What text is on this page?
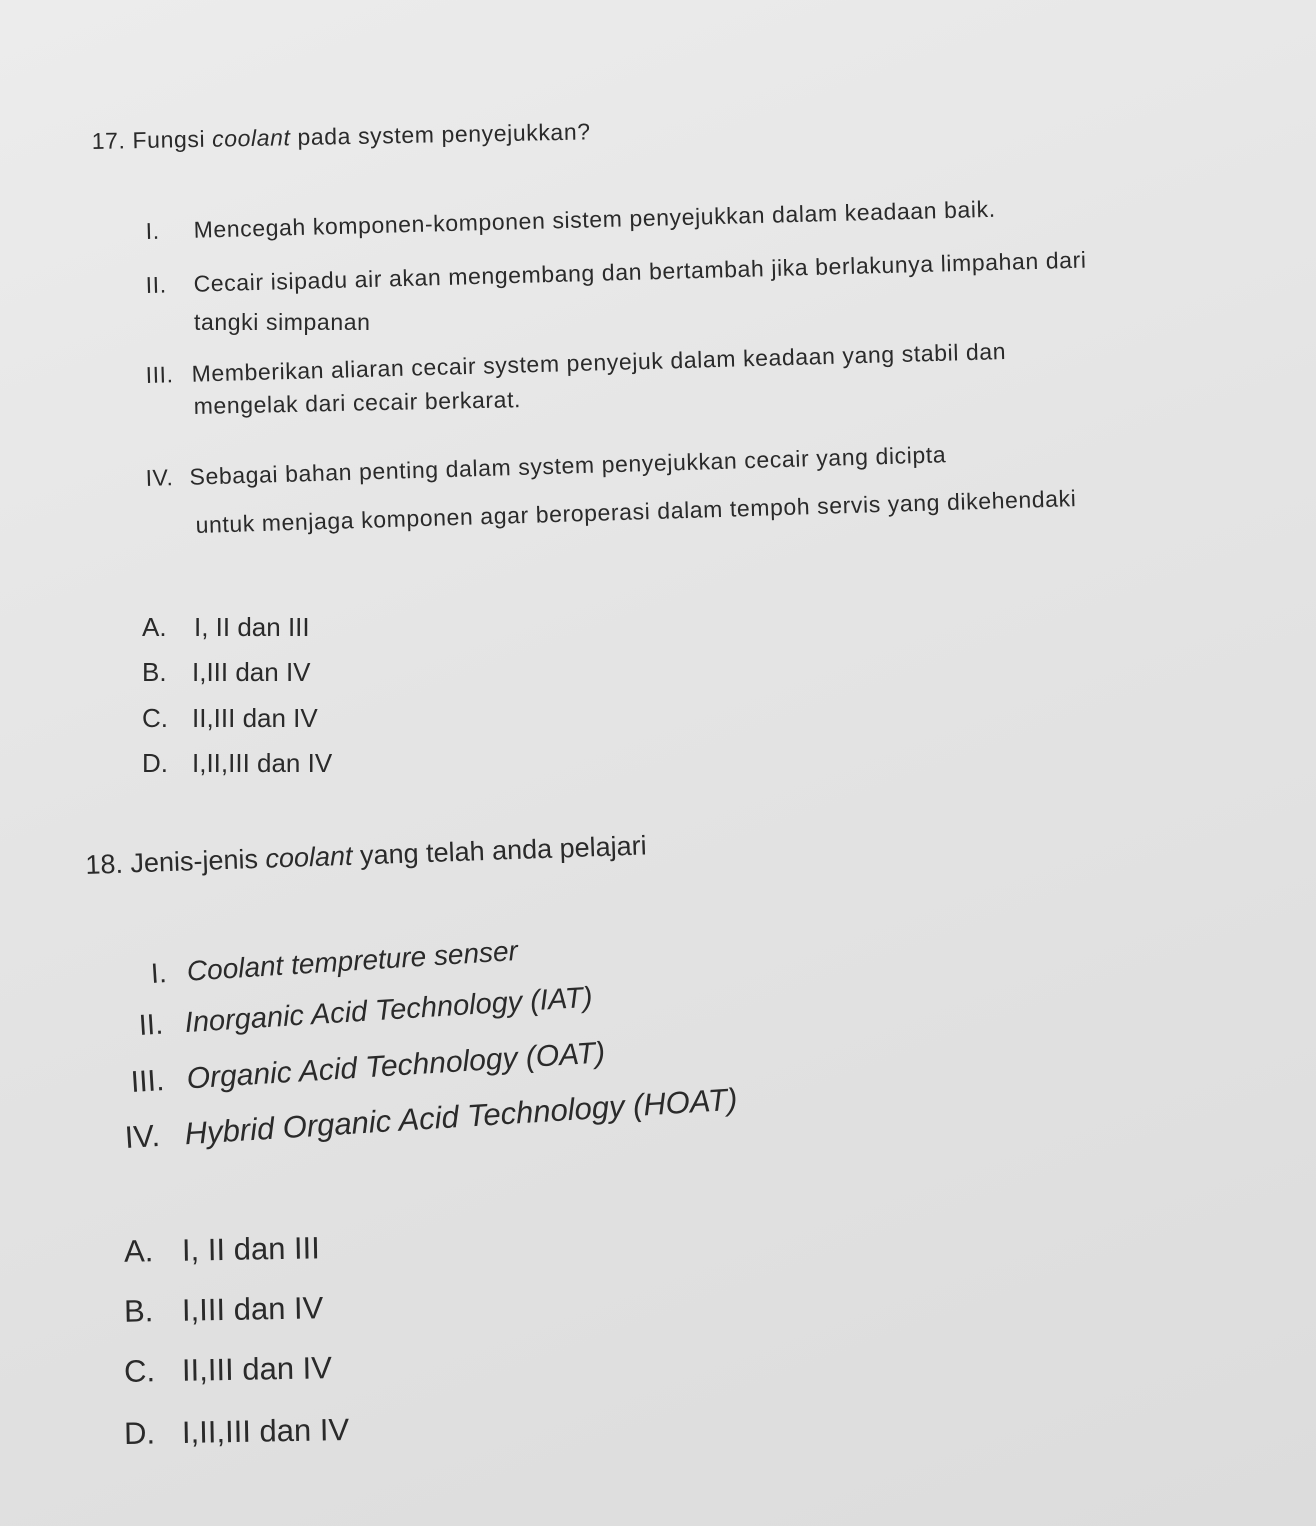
17. Fungsi coolant pada system penyejukkan?
I. Mencegah komponen-komponen sistem penyejukkan dalam keadaan baik.
II. Cecair isipadu air akan mengembang dan bertambah jika berlakunya limpahan dari
tangki simpanan
III. Memberikan aliaran cecair system penyejuk dalam keadaan yang stabil dan
mengelak dari cecair berkarat.
IV. Sebagai bahan penting dalam system penyejukkan cecair yang dicipta
untuk menjaga komponen agar beroperasi dalam tempoh servis yang dikehendaki
A. I, II dan III
B. I,III dan IV
C. II,III dan IV
D. I,II,III dan IV
18. Jenis-jenis coolant yang telah anda pelajari
I. Coolant tempreture senser
II. Inorganic Acid Technology (IAT)
III. Organic Acid Technology (OAT)
IV. Hybrid Organic Acid Technology (HOAT)
A. I, II dan III
B. I,III dan IV
C. II,III dan IV
D. I,II,III dan IV
